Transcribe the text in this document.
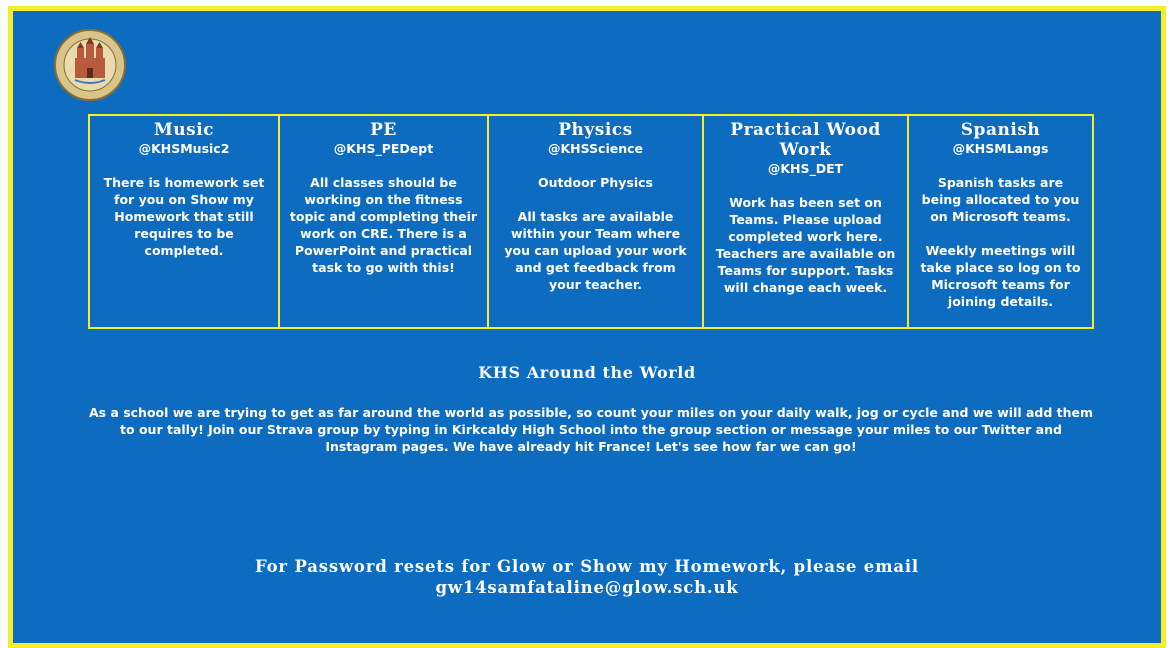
Music
@KHSMusic2
There is homework set for you on Show my Homework that still requires to be completed.
PE
@KHS_PEDept
All classes should be working on the fitness topic and completing their work on CRE. There is a PowerPoint and practical task to go with this!
Physics
@KHSScience
Outdoor Physics

All tasks are available within your Team where you can upload your work and get feedback from your teacher.
Practical Wood Work
@KHS_DET
Work has been set on Teams. Please upload completed work here. Teachers are available on Teams for support. Tasks will change each week.
Spanish
@KHSMLangs
Spanish tasks are being allocated to you on Microsoft teams.

Weekly meetings will take place so log on to Microsoft teams for joining details.
KHS Around the World
As a school we are trying to get as far around the world as possible, so count your miles on your daily walk, jog or cycle and we will add them to our tally! Join our Strava group by typing in Kirkcaldy High School into the group section or message your miles to our Twitter and Instagram pages. We have already hit France! Let's see how far we can go!
For Password resets for Glow or Show my Homework, please email
gw14samfataline@glow.sch.uk
